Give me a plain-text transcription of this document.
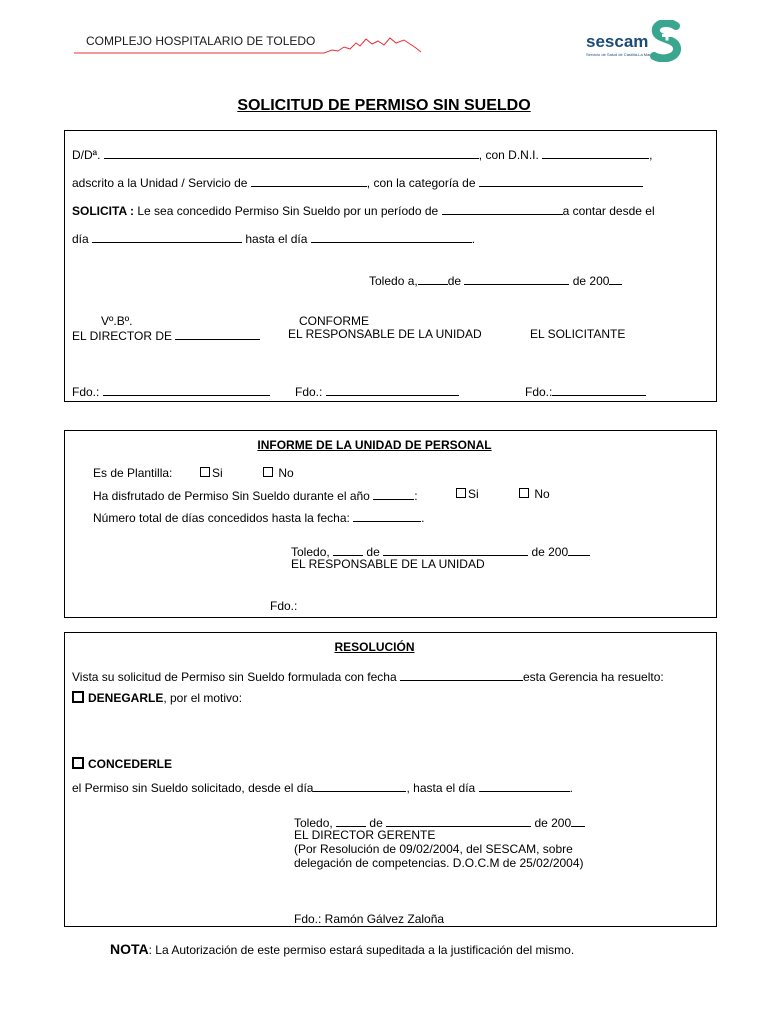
COMPLEJO HOSPITALARIO DE TOLEDO	sescam
Servicio de Salud de Castilla-La Mancha
SOLICITUD DE PERMISO SIN SUELDO
D/Dª.	, con D.N.I.	,
adscrito a la Unidad / Servicio de	, con la categoría de
SOLICITA : Le sea concedido Permiso Sin Sueldo por un período de	a contar desde el
día	hasta el día	.
Toledo a,	de	de 200
Vº.Bº.	CONFORME
EL DIRECTOR DE	EL RESPONSABLE DE LA UNIDAD	EL SOLICITANTE
Fdo.:	Fdo.:	Fdo.:
INFORME DE LA UNIDAD DE PERSONAL
Es de Plantilla:	Si	No
Ha disfrutado de Permiso Sin Sueldo durante el año	:	Si	No
Número total de días concedidos hasta la fecha:	.
Toledo,	de	de 200
EL RESPONSABLE DE LA UNIDAD
Fdo.:
RESOLUCIÓN
Vista su solicitud de Permiso sin Sueldo formulada con fecha	esta Gerencia ha resuelto:
DENEGARLE, por el motivo:
CONCEDERLE
el Permiso sin Sueldo solicitado, desde el día	, hasta el día	.
Toledo,	de	de 200
EL DIRECTOR GERENTE
(Por Resolución de 09/02/2004, del SESCAM, sobre
delegación de competencias. D.O.C.M de 25/02/2004)
Fdo.: Ramón Gálvez Zaloña
NOTA: La Autorización de este permiso estará supeditada a la justificación del mismo.
